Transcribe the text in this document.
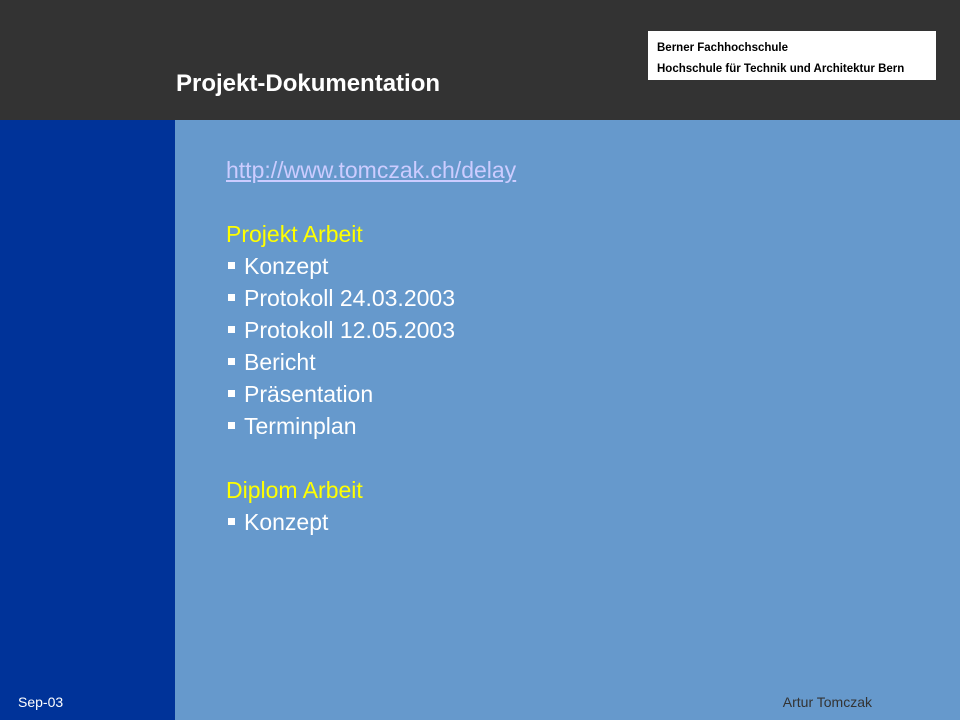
Projekt-Dokumentation
Berner Fachhochschule
Hochschule für Technik und Architektur Bern
http://www.tomczak.ch/delay
Projekt Arbeit
Konzept
Protokoll 24.03.2003
Protokoll 12.05.2003
Bericht
Präsentation
Terminplan
Diplom Arbeit
Konzept
Sep-03	Artur Tomczak
